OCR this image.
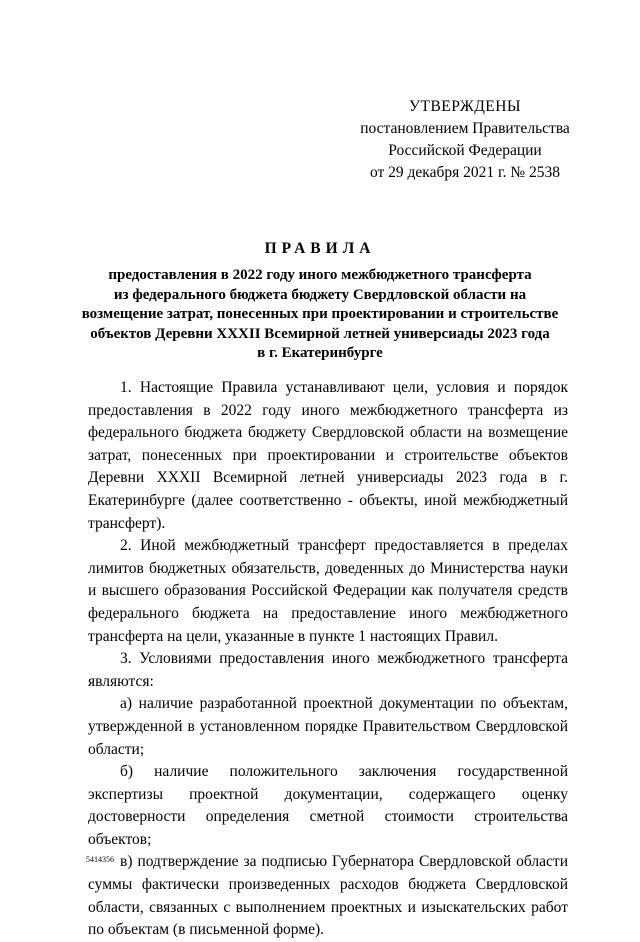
УТВЕРЖДЕНЫ
постановлением Правительства
Российской Федерации
от 29 декабря 2021 г. № 2538
ПРАВИЛА
предоставления в 2022 году иного межбюджетного трансферта
из федерального бюджета бюджету Свердловской области на
возмещение затрат, понесенных при проектировании и строительстве
объектов Деревни XXXII Всемирной летней универсиады 2023 года
в г. Екатеринбурге

1. Настоящие Правила устанавливают цели, условия и порядок предоставления в 2022 году иного межбюджетного трансферта из федерального бюджета бюджету Свердловской области на возмещение затрат, понесенных при проектировании и строительстве объектов Деревни XXXII Всемирной летней универсиады 2023 года в г. Екатеринбурге (далее соответственно - объекты, иной межбюджетный трансферт).

2. Иной межбюджетный трансферт предоставляется в пределах лимитов бюджетных обязательств, доведенных до Министерства науки и высшего образования Российской Федерации как получателя средств федерального бюджета на предоставление иного межбюджетного трансферта на цели, указанные в пункте 1 настоящих Правил.

3. Условиями предоставления иного межбюджетного трансферта являются:

а) наличие разработанной проектной документации по объектам, утвержденной в установленном порядке Правительством Свердловской области;

б) наличие положительного заключения государственной экспертизы проектной документации, содержащего оценку достоверности определения сметной стоимости строительства объектов;

в) подтверждение за подписью Губернатора Свердловской области суммы фактически произведенных расходов бюджета Свердловской области, связанных с выполнением проектных и изыскательских работ по объектам (в письменной форме).

5414356
